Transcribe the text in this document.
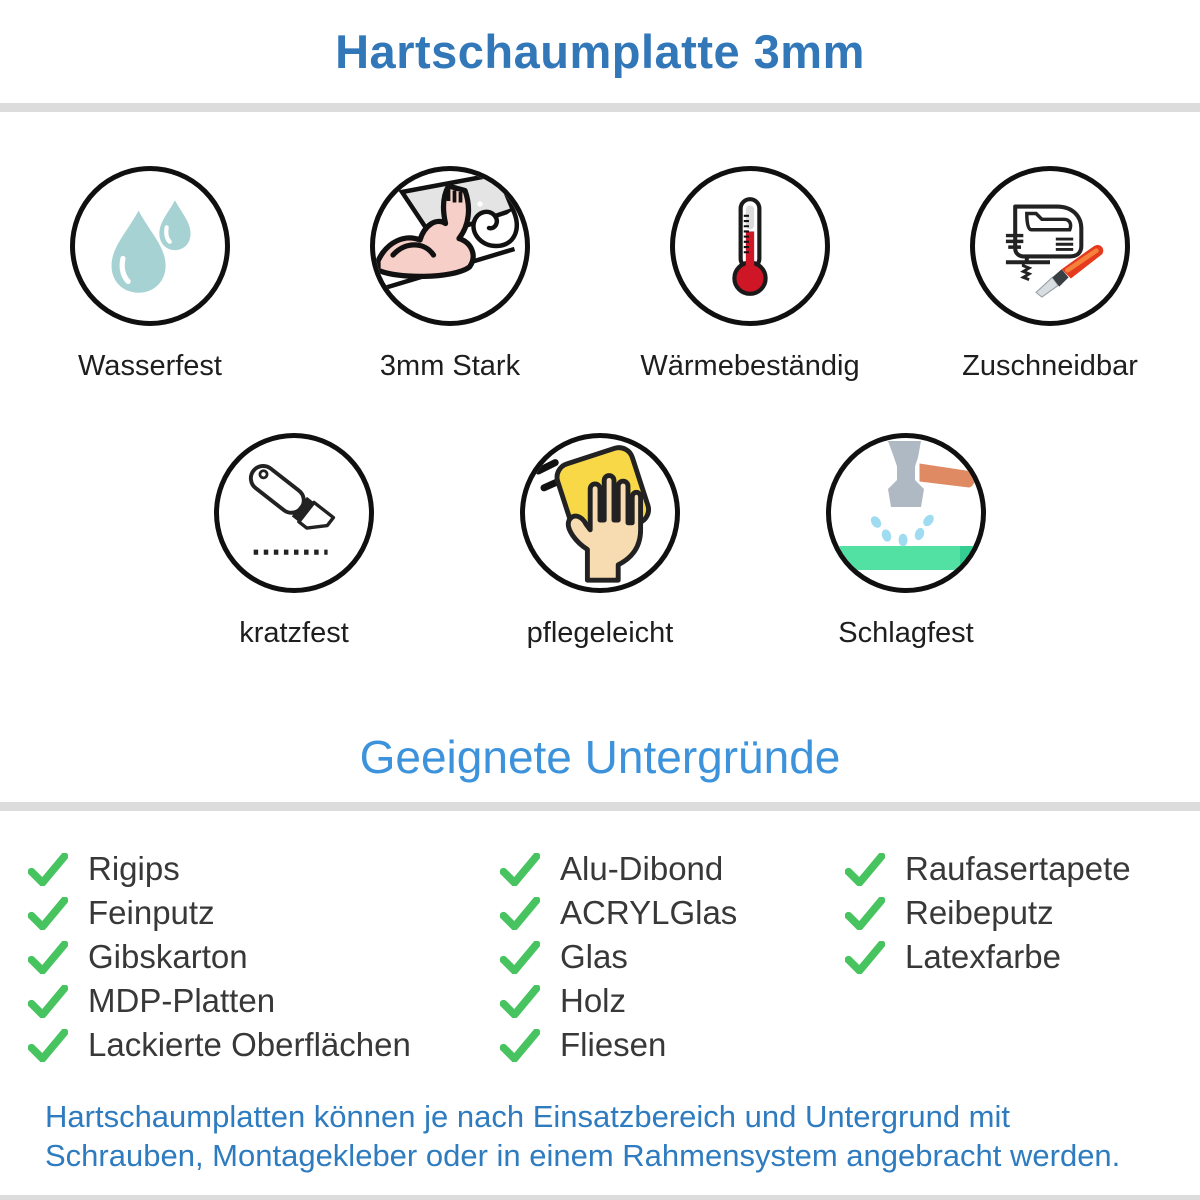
Hartschaumplatte 3mm
Wasserfest	3mm Stark	Wärmebeständig	Zuschneidbar
kratzfest	pflegeleicht	Schlagfest
Geeignete Untergründe
Rigips
Feinputz
Gibskarton
MDP-Platten
Lackierte Oberflächen
Alu-Dibond
ACRYLGlas
Glas
Holz
Fliesen
Raufasertapete
Reibeputz
Latexfarbe
Hartschaumplatten können je nach Einsatzbereich und Untergrund mit
Schrauben, Montagekleber oder in einem Rahmensystem angebracht werden.
